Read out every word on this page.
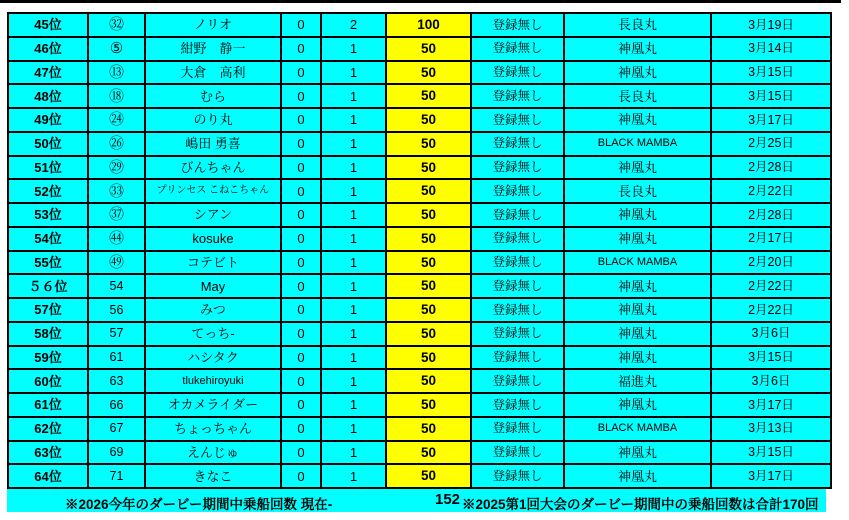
45位	㉜	ノリオ	0	2	100	登録無し	長良丸	3月19日
46位	⑤	紺野　静一	0	1	50	登録無し	神凰丸	3月14日
47位	⑬	大倉　高利	0	1	50	登録無し	神凰丸	3月15日
48位	⑱	むら	0	1	50	登録無し	長良丸	3月15日
49位	㉔	のり丸	0	1	50	登録無し	神凰丸	3月17日
50位	㉖	嶋田 勇喜	0	1	50	登録無し	BLACK MAMBA	2月25日
51位	㉙	びんちゃん	0	1	50	登録無し	神凰丸	2月28日
52位	㉝	プリンセス こねこちゃん	0	1	50	登録無し	長良丸	2月22日
53位	㊲	シアン	0	1	50	登録無し	神凰丸	2月28日
54位	㊹	kosuke	0	1	50	登録無し	神凰丸	2月17日
55位	㊾	コテビト	0	1	50	登録無し	BLACK MAMBA	2月20日
５６位	54	May	0	1	50	登録無し	神凰丸	2月22日
57位	56	みつ	0	1	50	登録無し	神凰丸	2月22日
58位	57	てっち-	0	1	50	登録無し	神凰丸	3月6日
59位	61	ハシタク	0	1	50	登録無し	神凰丸	3月15日
60位	63	tlukehiroyuki	0	1	50	登録無し	福進丸	3月6日
61位	66	オカメライダー	0	1	50	登録無し	神凰丸	3月17日
62位	67	ちょっちゃん	0	1	50	登録無し	BLACK MAMBA	3月13日
63位	69	えんじゅ	0	1	50	登録無し	神凰丸	3月15日
64位	71	きなこ	0	1	50	登録無し	神凰丸	3月17日
※2026今年のダービー期間中乗船回数 現在-	152 ※2025第1回大会のダービー期間中の乗船回数は合計170回
